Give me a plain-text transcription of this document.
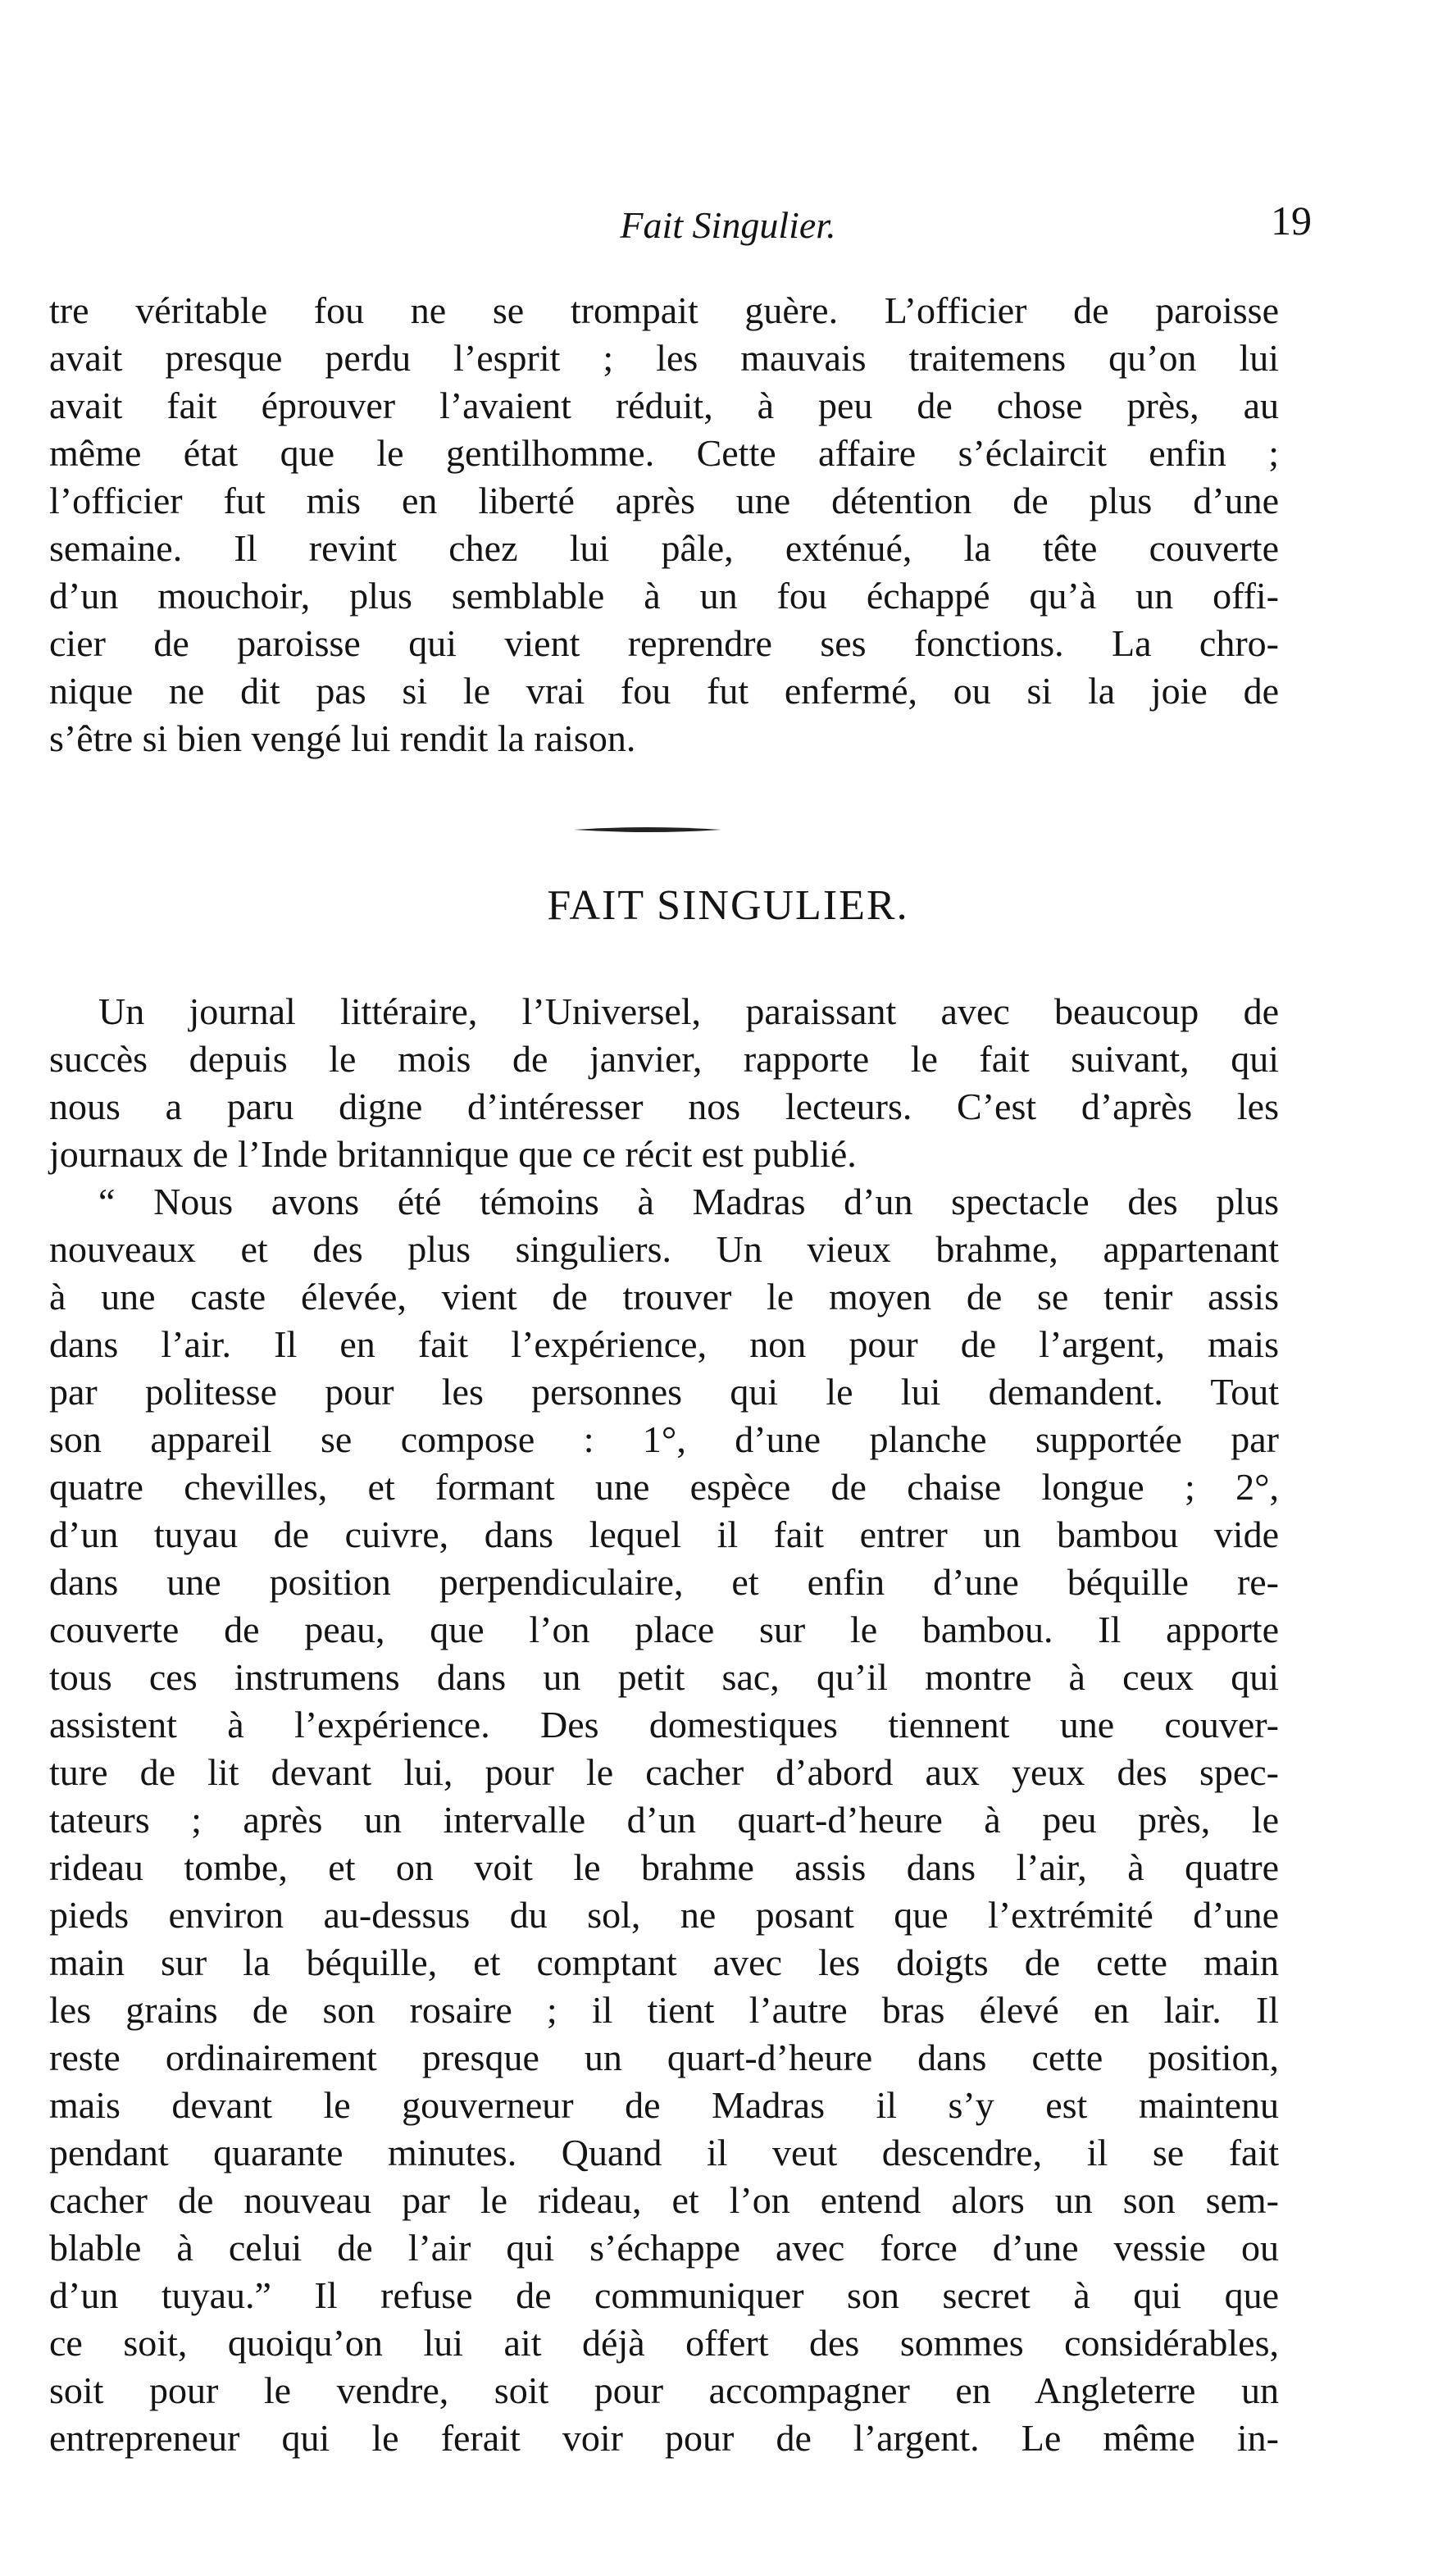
Fait Singulier.	19
tre véritable fou ne se trompait guère. L’officier de paroisse
avait presque perdu l’esprit ; les mauvais traitemens qu’on lui
avait fait éprouver l’avaient réduit, à peu de chose près, au
même état que le gentilhomme. Cette affaire s’éclaircit enfin ;
l’officier fut mis en liberté après une détention de plus d’une
semaine. Il revint chez lui pâle, exténué, la tête couverte
d’un mouchoir, plus semblable à un fou échappé qu’à un offi-
cier de paroisse qui vient reprendre ses fonctions. La chro-
nique ne dit pas si le vrai fou fut enfermé, ou si la joie de
s’être si bien vengé lui rendit la raison.
FAIT SINGULIER.
Un journal littéraire, l’Universel, paraissant avec beaucoup de
succès depuis le mois de janvier, rapporte le fait suivant, qui
nous a paru digne d’intéresser nos lecteurs. C’est d’après les
journaux de l’Inde britannique que ce récit est publié.
“ Nous avons été témoins à Madras d’un spectacle des plus
nouveaux et des plus singuliers. Un vieux brahme, appartenant
à une caste élevée, vient de trouver le moyen de se tenir assis
dans l’air. Il en fait l’expérience, non pour de l’argent, mais
par politesse pour les personnes qui le lui demandent. Tout
son appareil se compose : 1°, d’une planche supportée par
quatre chevilles, et formant une espèce de chaise longue ; 2°,
d’un tuyau de cuivre, dans lequel il fait entrer un bambou vide
dans une position perpendiculaire, et enfin d’une béquille re-
couverte de peau, que l’on place sur le bambou. Il apporte
tous ces instrumens dans un petit sac, qu’il montre à ceux qui
assistent à l’expérience. Des domestiques tiennent une couver-
ture de lit devant lui, pour le cacher d’abord aux yeux des spec-
tateurs ; après un intervalle d’un quart-d’heure à peu près, le
rideau tombe, et on voit le brahme assis dans l’air, à quatre
pieds environ au-dessus du sol, ne posant que l’extrémité d’une
main sur la béquille, et comptant avec les doigts de cette main
les grains de son rosaire ; il tient l’autre bras élevé en lair. Il
reste ordinairement presque un quart-d’heure dans cette position,
mais devant le gouverneur de Madras il s’y est maintenu
pendant quarante minutes. Quand il veut descendre, il se fait
cacher de nouveau par le rideau, et l’on entend alors un son sem-
blable à celui de l’air qui s’échappe avec force d’une vessie ou
d’un tuyau.” Il refuse de communiquer son secret à qui que
ce soit, quoiqu’on lui ait déjà offert des sommes considérables,
soit pour le vendre, soit pour accompagner en Angleterre un
entrepreneur qui le ferait voir pour de l’argent. Le même in-
